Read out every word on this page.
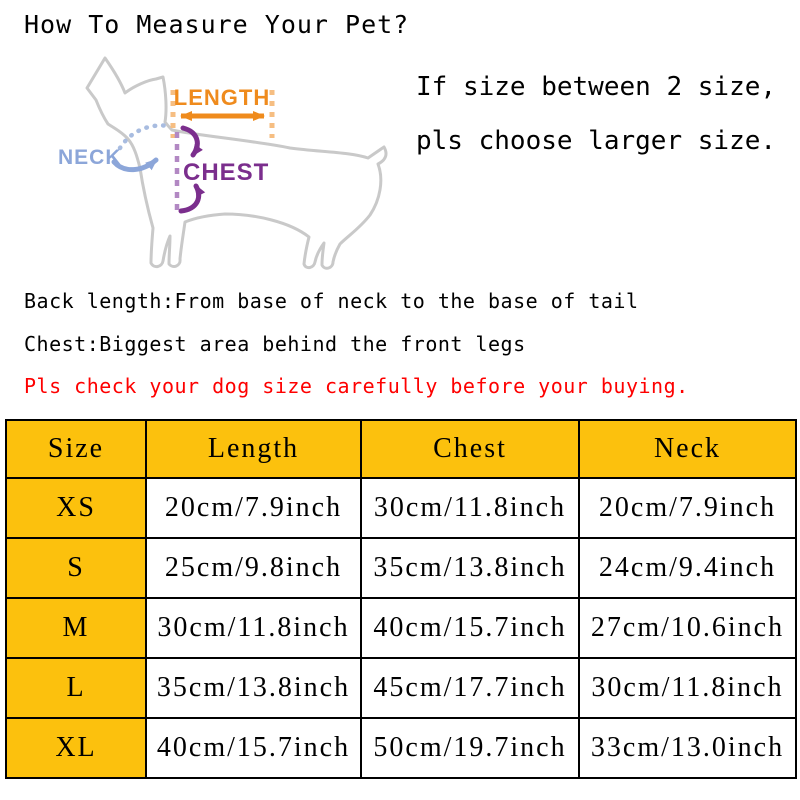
How To Measure Your Pet?
LENGTH
NECK
CHEST
If size between 2 size,
pls choose larger size.
Back length:From base of neck to the base of tail
Chest:Biggest area behind the front legs
Pls check your dog size carefully before your buying.
Size	Length	Chest	Neck
XS	20cm/7.9inch	30cm/11.8inch	20cm/7.9inch
S	25cm/9.8inch	35cm/13.8inch	24cm/9.4inch
M	30cm/11.8inch	40cm/15.7inch	27cm/10.6inch
L	35cm/13.8inch	45cm/17.7inch	30cm/11.8inch
XL	40cm/15.7inch	50cm/19.7inch	33cm/13.0inch
